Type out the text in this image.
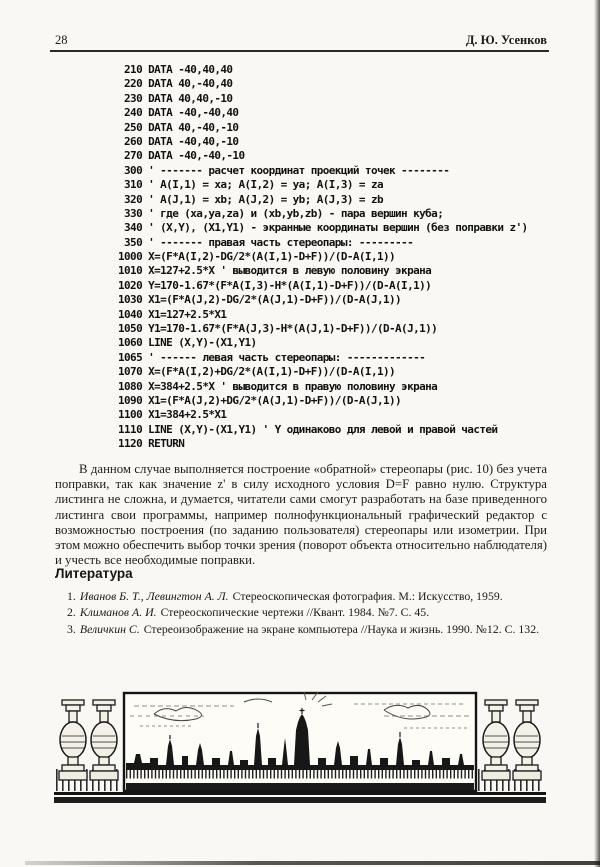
28	Д. Ю. Усенков
210 DATA -40,40,40
220 DATA 40,-40,40
230 DATA 40,40,-10
240 DATA -40,-40,40
250 DATA 40,-40,-10
260 DATA -40,40,-10
270 DATA -40,-40,-10
300 ' ------- расчет координат проекций точек --------
310 ' A(I,1) = xa; A(I,2) = ya; A(I,3) = za
320 ' A(J,1) = xb; A(J,2) = yb; A(J,3) = zb
330 ' где (xa,ya,za) и (xb,yb,zb) - пара вершин куба;
340 ' (X,Y), (X1,Y1) - экранные координаты вершин (без поправки z')
350 ' ------- правая часть стереопары: ---------
1000 X=(F*A(I,2)-DG/2*(A(I,1)-D+F))/(D-A(I,1))
1010 X=127+2.5*X ' выводится в левую половину экрана
1020 Y=170-1.67*(F*A(I,3)-H*(A(I,1)-D+F))/(D-A(I,1))
1030 X1=(F*A(J,2)-DG/2*(A(J,1)-D+F))/(D-A(J,1))
1040 X1=127+2.5*X1
1050 Y1=170-1.67*(F*A(J,3)-H*(A(J,1)-D+F))/(D-A(J,1))
1060 LINE (X,Y)-(X1,Y1)
1065 ' ------ левая часть стереопары: -------------
1070 X=(F*A(I,2)+DG/2*(A(I,1)-D+F))/(D-A(I,1))
1080 X=384+2.5*X ' выводится в правую половину экрана
1090 X1=(F*A(J,2)+DG/2*(A(J,1)-D+F))/(D-A(J,1))
1100 X1=384+2.5*X1
1110 LINE (X,Y)-(X1,Y1) ' Y одинаково для левой и правой частей
1120 RETURN

В данном случае выполняется построение «обратной» стереопары (рис. 10) без учета поправки, так как значение z' в силу исходного условия D=F равно нулю. Структура листинга не сложна, и думается, читатели сами смогут разработать на базе приведенного листинга свои программы, например полнофункциональный графический редактор с возможностью построения (по заданию пользователя) стереопары или изометрии. При этом можно обеспечить выбор точки зрения (поворот объекта относительно наблюдателя) и учесть все необходимые поправки.

Литература
1. Иванов Б. Т., Левингтон А. Л. Стереоскопическая фотография. М.: Искусство, 1959.
2. Климанов А. И. Стереоскопические чертежи //Квант. 1984. №7. С. 45.
3. Величкин С. Стереоизображение на экране компьютера //Наука и жизнь. 1990. №12. С. 132.
